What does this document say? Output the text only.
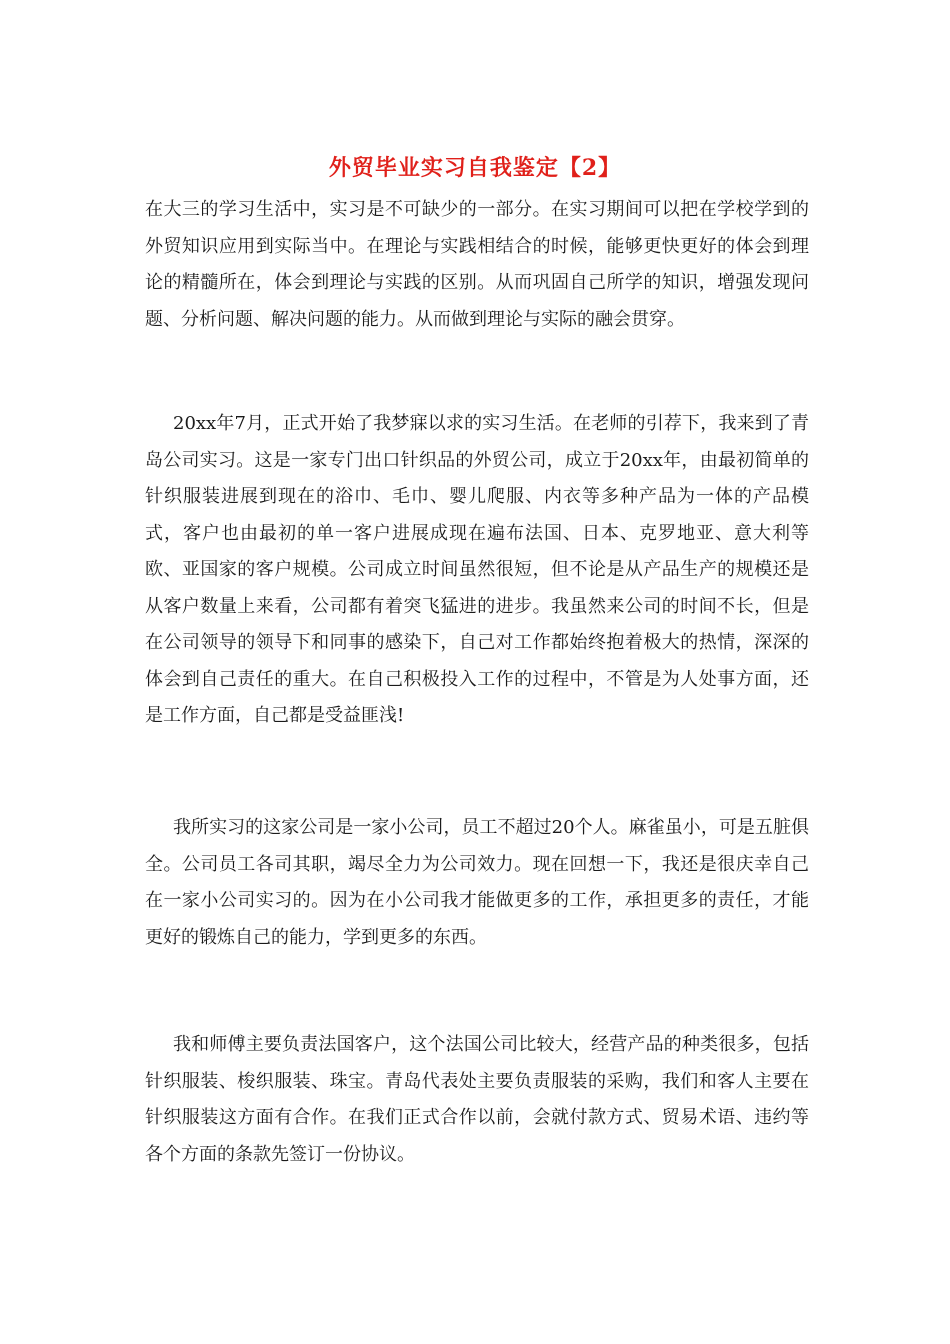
外贸毕业实习自我鉴定【2】

在大三的学习生活中，实习是不可缺少的一部分。在实习期间可以把在学校学到的外贸知识应用到实际当中。在理论与实践相结合的时候，能够更快更好的体会到理论的精髓所在，体会到理论与实践的区别。从而巩固自己所学的知识，增强发现问题、分析问题、解决问题的能力。从而做到理论与实际的融会贯穿。

20xx年7月，正式开始了我梦寐以求的实习生活。在老师的引荐下，我来到了青岛公司实习。这是一家专门出口针织品的外贸公司，成立于20xx年，由最初简单的针织服装进展到现在的浴巾、毛巾、婴儿爬服、内衣等多种产品为一体的产品模式，客户也由最初的单一客户进展成现在遍布法国、日本、克罗地亚、意大利等欧、亚国家的客户规模。公司成立时间虽然很短，但不论是从产品生产的规模还是从客户数量上来看，公司都有着突飞猛进的进步。我虽然来公司的时间不长，但是在公司领导的领导下和同事的感染下，自己对工作都始终抱着极大的热情，深深的体会到自己责任的重大。在自己积极投入工作的过程中，不管是为人处事方面，还是工作方面，自己都是受益匪浅!

我所实习的这家公司是一家小公司，员工不超过20个人。麻雀虽小，可是五脏俱全。公司员工各司其职，竭尽全力为公司效力。现在回想一下，我还是很庆幸自己在一家小公司实习的。因为在小公司我才能做更多的工作，承担更多的责任，才能更好的锻炼自己的能力，学到更多的东西。

我和师傅主要负责法国客户，这个法国公司比较大，经营产品的种类很多，包括针织服装、梭织服装、珠宝。青岛代表处主要负责服装的采购，我们和客人主要在针织服装这方面有合作。在我们正式合作以前，会就付款方式、贸易术语、违约等各个方面的条款先签订一份协议。
